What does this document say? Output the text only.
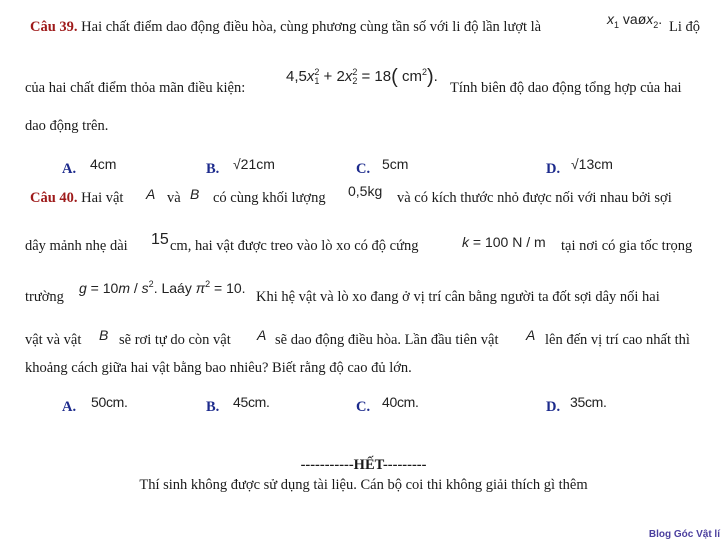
Câu 39. Hai chất điểm dao động điều hòa, cùng phương cùng tần số với li độ lần lượt là	$x_1$ vaøx$_2$. Li độ
của hai chất điểm thỏa mãn điều kiện:
4,5x 2
1 + 2x 2
2 = 18( $cm^2$).
Tính biên độ dao động tổng hợp của hai
dao động trên.
A. 4cm	B. √21cm	C. 5cm	D. √13cm
Câu 40. Hai vật A và B có cùng khối lượng 0,5kg và có kích thước nhỏ được nối với nhau bởi sợi
dây mảnh nhẹ dài 15 cm, hai vật được treo vào lò xo có độ cứng	k = 100 N / m tại nơi có gia tốc trọng
trường
$g = 10m / s^2$. Laáy $\pi^2 = 10$.
Khi hệ vật và lò xo đang ở vị trí cân bằng người ta đốt sợi dây nối hai
vật và vật B sẽ rơi tự do còn vật A sẽ dao động điều hòa. Lần đầu tiên vật A lên đến vị trí cao nhất thì
khoảng cách giữa hai vật bằng bao nhiêu? Biết rằng độ cao đủ lớn.
A. 50cm.	B. 45cm.	C. 40cm.	D. 35cm.
-----------HẾT---------
Thí sinh không được sử dụng tài liệu. Cán bộ coi thi không giải thích gì thêm
Blog Góc Vật lí
